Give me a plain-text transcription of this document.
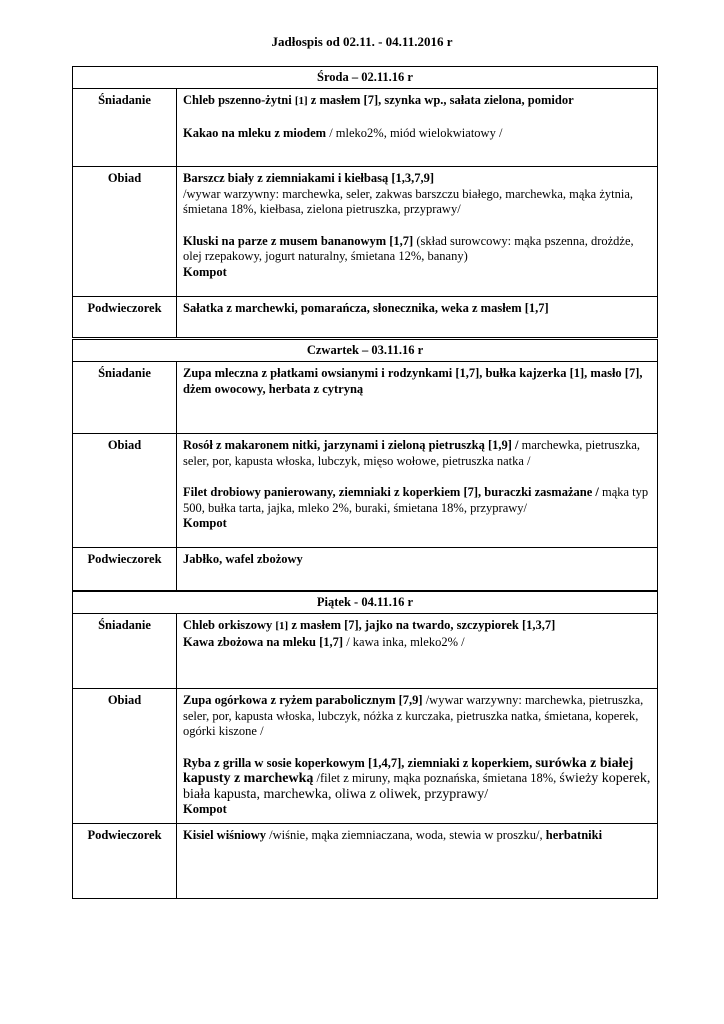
Jadłospis od 02.11. - 04.11.2016 r
Środa – 02.11.16 r
Śniadanie	Chleb pszenno-żytni [1] z masłem [7], szynka wp., sałata zielona, pomidor

Kakao na mleku z miodem / mleko2%, miód wielokwiatowy /

Obiad	Barszcz biały z ziemniakami i kiełbasą [1,3,7,9]
/wywar warzywny: marchewka, seler, zakwas barszczu białego, marchewka, mąka żytnia, śmietana 18%, kiełbasa, zielona pietruszka, przyprawy/

Kluski na parze z musem bananowym [1,7] (skład surowcowy: mąka pszenna, drożdże, olej rzepakowy, jogurt naturalny, śmietana 12%, banany)
Kompot

Podwieczorek	Sałatka z marchewki, pomarańcza, słonecznika, weka z masłem [1,7]

Czwartek – 03.11.16 r
Śniadanie	Zupa mleczna z płatkami owsianymi i rodzynkami [1,7], bułka kajzerka [1], masło [7], dżem owocowy, herbata z cytryną

Obiad	Rosół z makaronem nitki, jarzynami i zieloną pietruszką [1,9] / marchewka, pietruszka, seler, por, kapusta włoska, lubczyk, mięso wołowe, pietruszka natka /

Filet drobiowy panierowany, ziemniaki z koperkiem [7], buraczki zasmażane / mąka typ 500, bułka tarta, jajka, mleko 2%, buraki, śmietana 18%, przyprawy/
Kompot

Podwieczorek	Jabłko, wafel zbożowy

Piątek - 04.11.16 r
Śniadanie	Chleb orkiszowy [1] z masłem [7], jajko na twardo, szczypiorek [1,3,7]
Kawa zbożowa na mleku [1,7] / kawa inka, mleko2% /

Obiad	Zupa ogórkowa z ryżem parabolicznym [7,9] /wywar warzywny: marchewka, pietruszka, seler, por, kapusta włoska, lubczyk, nóżka z kurczaka, pietruszka natka, śmietana, koperek, ogórki kiszone /

Ryba z grilla w sosie koperkowym [1,4,7], ziemniaki z koperkiem, surówka z białej kapusty z marchewką /filet z miruny, mąka poznańska, śmietana 18%, świeży koperek, biała kapusta, marchewka, oliwa z oliwek, przyprawy/
Kompot

Podwieczorek	Kisiel wiśniowy /wiśnie, mąka ziemniaczana, woda, stewia w proszku/, herbatniki
